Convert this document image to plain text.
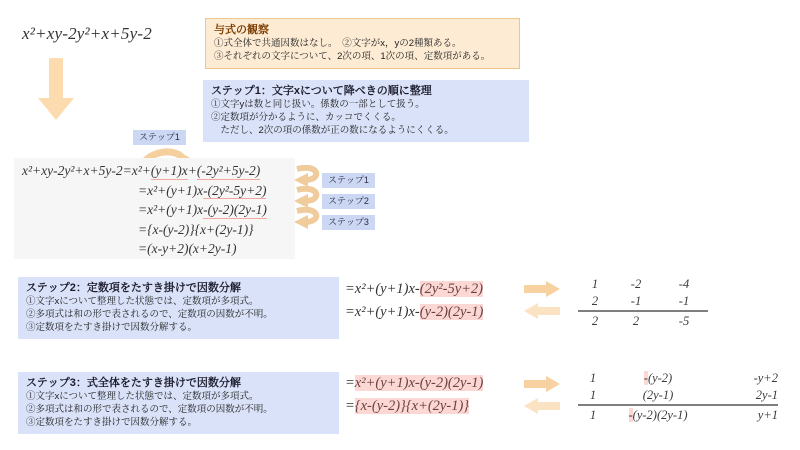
x²+xy-2y²+x+5y-2	与式の観察
①式全体で共通因数はなし。　②文字がx，yの2種類ある。
③それぞれの文字について、2次の項、1次の項、定数項がある。
ステップ1：文字xについて降べきの順に整理
①文字yは数と同じ扱い。係数の一部として扱う。
②定数項が分かるように、カッコでくくる。
　ただし、2次の項の係数が正の数になるようにくくる。
ステップ1
x²+xy-2y²+x+5y-2=x²+(y+1)x+(-2y²+5y-2)
=x²+(y+1)x-(2y²-5y+2)
=x²+(y+1)x-(y-2)(2y-1)
={x-(y-2)}{x+(2y-1)}
=(x-y+2)(x+2y-1)
ステップ1
ステップ2
ステップ3
ステップ2：定数項をたすき掛けで因数分解
①文字xについて整理した状態では、定数項が多項式。
②多項式は和の形で表されるので、定数項の因数が不明。
③定数項をたすき掛けで因数分解する。
=x²+(y+1)x-(2y²-5y+2)
=x²+(y+1)x-(y-2)(2y-1)
1	-2	-4
2	-1	-1
2	2	-5
ステップ3：式全体をたすき掛けで因数分解
①文字xについて整理した状態では、定数項が多項式。
②多項式は和の形で表されるので、定数項の因数が不明。
③定数項をたすき掛けで因数分解する。
=x²+(y+1)x-(y-2)(2y-1)
={x-(y-2)}{x+(2y-1)}
1	-(y-2)	-y+2
1	(2y-1)	2y-1
1	-(y-2)(2y-1)	y+1
